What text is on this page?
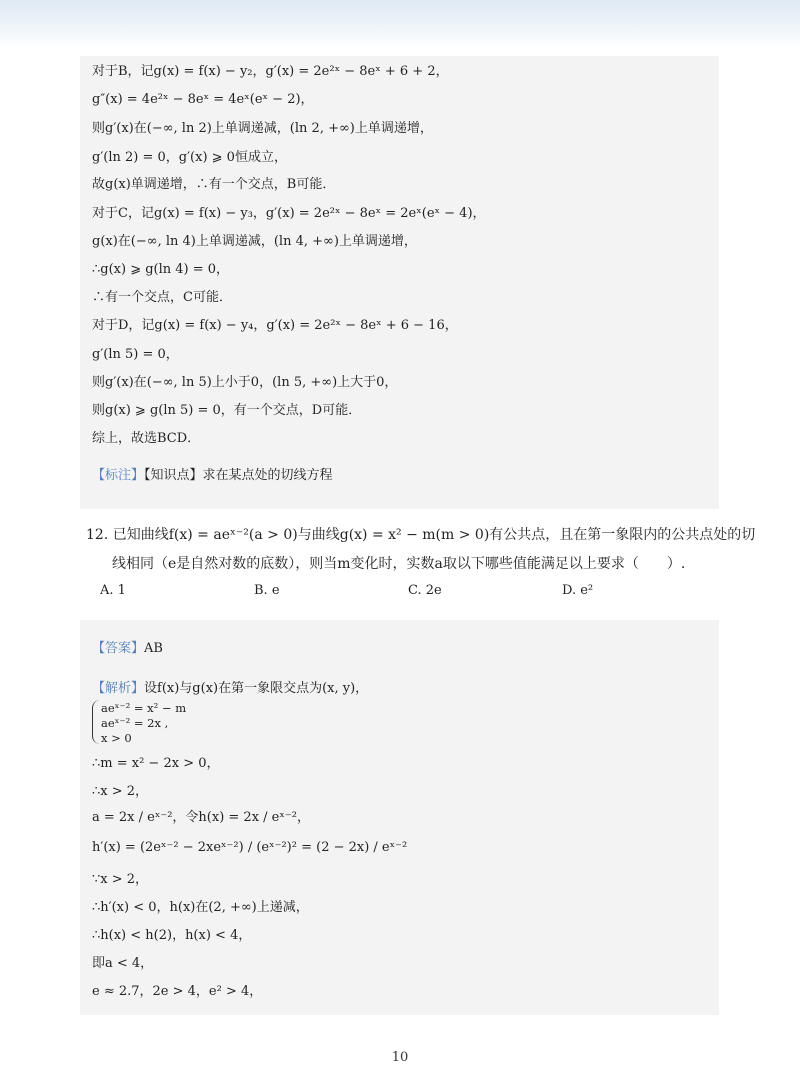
对于B，记g(x) = f(x) − y₂，g′(x) = 2e²ˣ − 8eˣ + 6 + 2，
g″(x) = 4e²ˣ − 8eˣ = 4eˣ(eˣ − 2)，
则g′(x)在(−∞, ln 2)上单调递减，(ln 2, +∞)上单调递增，
g′(ln 2) = 0，g′(x) ⩾ 0恒成立，
故g(x)单调递增，∴有一个交点，B可能．
对于C，记g(x) = f(x) − y₃，g′(x) = 2e²ˣ − 8eˣ = 2eˣ(eˣ − 4)，
g(x)在(−∞, ln 4)上单调递减，(ln 4, +∞)上单调递增，
∴g(x) ⩾ g(ln 4) = 0，
∴有一个交点，C可能．
对于D，记g(x) = f(x) − y₄，g′(x) = 2e²ˣ − 8eˣ + 6 − 16，
g′(ln 5) = 0，
则g′(x)在(−∞, ln 5)上小于0，(ln 5, +∞)上大于0，
则g(x) ⩾ g(ln 5) = 0，有一个交点，D可能．
综上，故选BCD．
【标注】【知识点】求在某点处的切线方程
12. 已知曲线f(x) = aeˣ⁻²(a > 0)与曲线g(x) = x² − m(m > 0)有公共点，且在第一象限内的公共点处的切
线相同（e是自然对数的底数），则当m变化时，实数a取以下哪些值能满足以上要求（　　）.
A. 1	B. e	C. 2e	D. e²
【答案】AB
【解析】设f(x)与g(x)在第一象限交点为(x, y)，
aeˣ⁻² = x² − m
aeˣ⁻² = 2x ,
x > 0
∴m = x² − 2x > 0，
∴x > 2，
a = 2x / eˣ⁻²，令h(x) = 2x / eˣ⁻²，
h′(x) = (2eˣ⁻² − 2xeˣ⁻²) / (eˣ⁻²)² = (2 − 2x) / eˣ⁻²
∵x > 2，
∴h′(x) < 0，h(x)在(2, +∞)上递减，
∴h(x) < h(2)，h(x) < 4，
即a < 4，
e ≈ 2.7，2e > 4，e² > 4，
10
